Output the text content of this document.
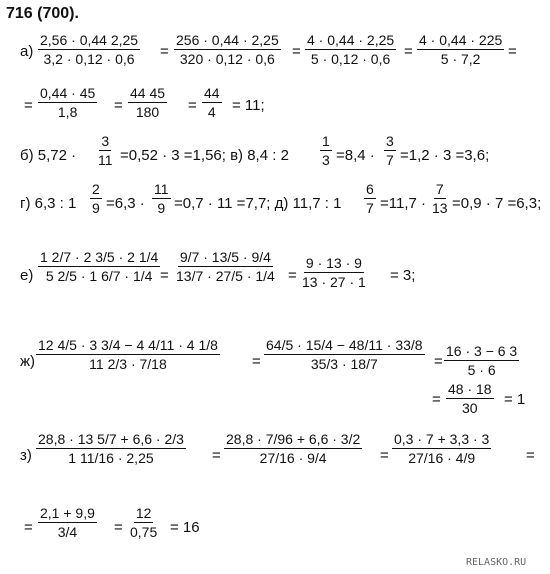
716 (700).
$а) \frac{2,56 \cdot 0,44 2,25}{3,2 \cdot 0,12 \cdot 0,6} = \frac{256 \cdot 0,44 \cdot 2,25}{320 \cdot 0,12 \cdot 0,6} = \frac{4 \cdot 0,44 \cdot 2,25}{5 \cdot 0,12 \cdot 0,6} = \frac{4 \cdot 0,44 \cdot 225}{5 \cdot 7,2}$ =
= $\frac{0,44 \cdot 45}{1,8} = \frac{44 45}{180} = \frac{44}{4} = 11$;
б) $5,72 \cdot \frac{3}{11} =0,52 \cdot 3 =1,56$; в) 8,4 : $2 \frac{1}{3} =8,4 \cdot \frac{3}{7} =1,2 \cdot 3 =3,6$;
г) 6,3 : $1 \frac{2}{9} =6,3 \cdot \frac{11}{9} =0,7 \cdot 11 =7,7$; д) 11,7 : $1 \frac{6}{7} =11,7 \cdot \frac{7}{13} =0,9 \cdot 7 =6,3$;
$е) \frac{1 2/7 \cdot 2 3/5 \cdot 2 1/4}{5 2/5 \cdot 1 6/7 \cdot 1/4} = \frac{9/7 \cdot 13/5 \cdot 9/4}{13/7 \cdot 27/5 \cdot 1/4} = \frac{9 \cdot 13 \cdot 9}{13 \cdot 27 \cdot 1} = 3$;
$ж) \frac{12 4/5 \cdot 3 3/4 - 4 4/11 \cdot 4 1/8}{11 2/3 \cdot 7/18} = \frac{64/5 \cdot 15/4 - 48/11 \cdot 33/8}{35/3 \cdot 18/7} = \frac{16 \cdot 3 - 6 3}{5 \cdot 6}$
= $\frac{48 \cdot 18}{30} = 1$
$з) \frac{28,8 \cdot 13 5/7 + 6,6 \cdot 2/3}{1 11/16 \cdot 2,25} = \frac{28,8 \cdot 7/96 + 6,6 \cdot 3/2}{27/16 \cdot 9/4} = \frac{0,3 \cdot 7 + 3,3 \cdot 3}{27/16 \cdot 4/9}$ =
= $\frac{2,1 + 9,9}{3/4} = \frac{12}{0,75} = 16$
RELASKO.RU
